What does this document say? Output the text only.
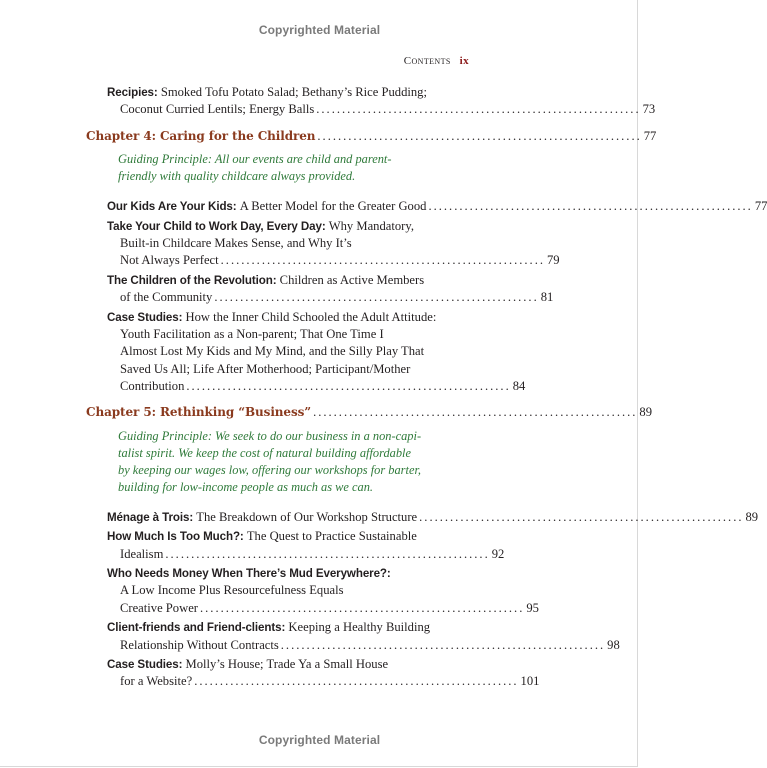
Copyrighted Material
Contents ix
Recipies:
Smoked Tofu Potato Salad; Bethany’s Rice Pudding;
Coconut Curried Lentils; Energy Balls ............................................................... 73
Chapter 4: Caring for the Children ............................................................... 77
Guiding Principle: All our events are child and parent-
friendly with quality childcare always provided.
Our Kids Are Your Kids:
A Better Model for the Greater Good ............................................................... 77
Take Your Child to Work Day, Every Day:
Why Mandatory,
Built-in Childcare Makes Sense, and Why It’s
Not Always Perfect ............................................................... 79
The Children of the Revolution:
Children as Active Members
of the Community ............................................................... 81
Case Studies:
How the Inner Child Schooled the Adult Attitude:
Youth Facilitation as a Non-parent; That One Time I
Almost Lost My Kids and My Mind, and the Silly Play That
Saved Us All; Life After Motherhood; Participant/Mother
Contribution ............................................................... 84
Chapter 5: Rethinking “Business” ............................................................... 89
Guiding Principle: We seek to do our business in a non-capi-
talist spirit. We keep the cost of natural building affordable
by keeping our wages low, offering our workshops for barter,
building for low-income people as much as we can.
Ménage à Trois:
The Breakdown of Our Workshop Structure ............................................................... 89
How Much Is Too Much?:
The Quest to Practice Sustainable
Idealism ............................................................... 92
Who Needs Money When There’s Mud Everywhere?:
A Low Income Plus Resourcefulness Equals
Creative Power ............................................................... 95
Client-friends and Friend-clients:
Keeping a Healthy Building
Relationship Without Contracts ............................................................... 98
Case Studies:
Molly’s House; Trade Ya a Small House
for a Website? ............................................................... 101
Copyrighted Material
